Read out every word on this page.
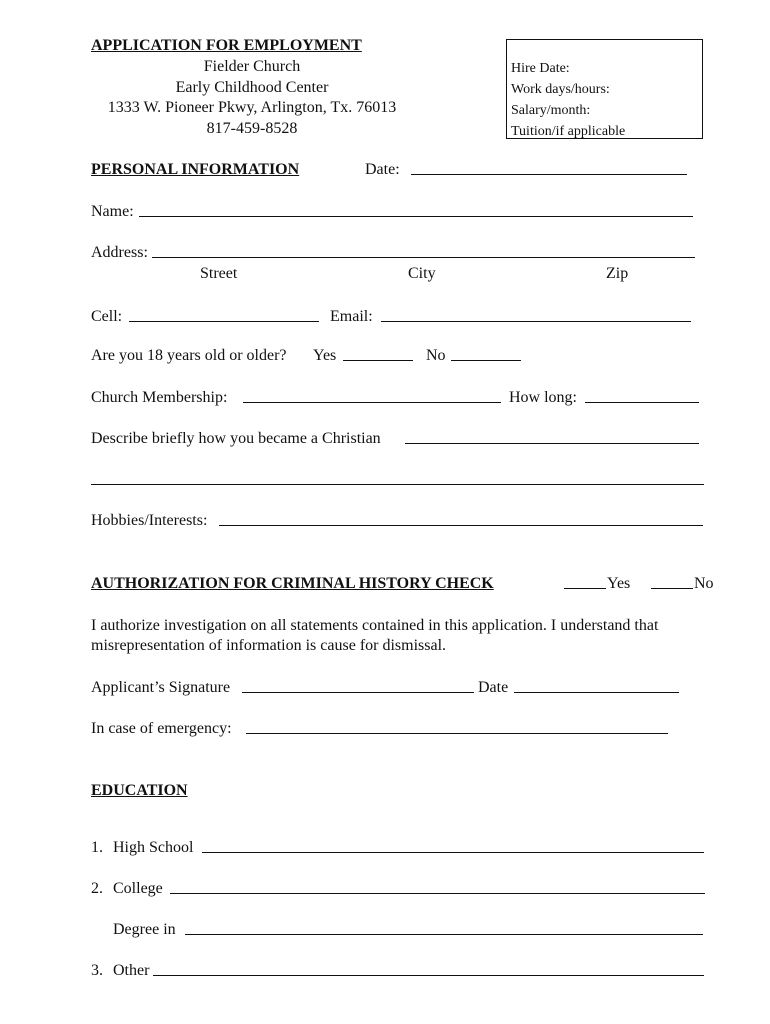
APPLICATION FOR EMPLOYMENT
Fielder Church
Early Childhood Center
1333 W. Pioneer Pkwy, Arlington, Tx. 76013
817-459-8528
Hire Date:
Work days/hours:
Salary/month:
Tuition/if applicable
PERSONAL INFORMATION	Date:
Name:
Address:
Street	City	Zip
Cell:	Email:
Are you 18 years old or older? Yes	No
Church Membership:	How long:
Describe briefly how you became a Christian
Hobbies/Interests:
AUTHORIZATION FOR CRIMINAL HISTORY CHECK	Yes	No
I authorize investigation on all statements contained in this application. I understand that
misrepresentation of information is cause for dismissal.
Applicant’s Signature	Date
In case of emergency:
EDUCATION
1. High School
2. College
Degree in
3. Other
